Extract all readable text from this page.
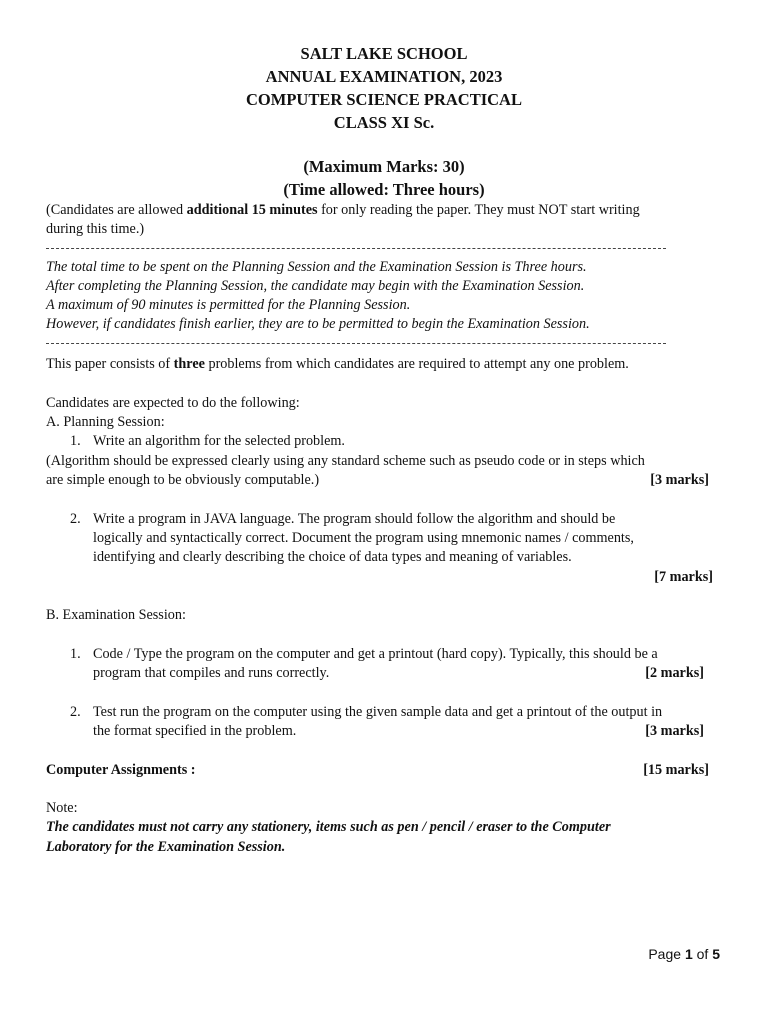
SALT LAKE SCHOOL
ANNUAL EXAMINATION, 2023
COMPUTER SCIENCE PRACTICAL
CLASS XI Sc.
(Maximum Marks: 30)
(Time allowed: Three hours)
(Candidates are allowed additional 15 minutes for only reading the paper. They must NOT start writing
during this time.)
The total time to be spent on the Planning Session and the Examination Session is Three hours.
After completing the Planning Session, the candidate may begin with the Examination Session.
A maximum of 90 minutes is permitted for the Planning Session.
However, if candidates finish earlier, they are to be permitted to begin the Examination Session.
This paper consists of three problems from which candidates are required to attempt any one problem.
Candidates are expected to do the following:
A. Planning Session:
1. Write an algorithm for the selected problem.
(Algorithm should be expressed clearly using any standard scheme such as pseudo code or in steps which
are simple enough to be obviously computable.)	[3 marks]
2. Write a program in JAVA language. The program should follow the algorithm and should be
logically and syntactically correct. Document the program using mnemonic names / comments,
identifying and clearly describing the choice of data types and meaning of variables.
[7 marks]
B. Examination Session:
1. Code / Type the program on the computer and get a printout (hard copy). Typically, this should be a
program that compiles and runs correctly.	[2 marks]
2. Test run the program on the computer using the given sample data and get a printout of the output in
the format specified in the problem.	[3 marks]
Computer Assignments :	[15 marks]
Note:
The candidates must not carry any stationery, items such as pen / pencil / eraser to the Computer
Laboratory for the Examination Session.
Page 1 of 5
